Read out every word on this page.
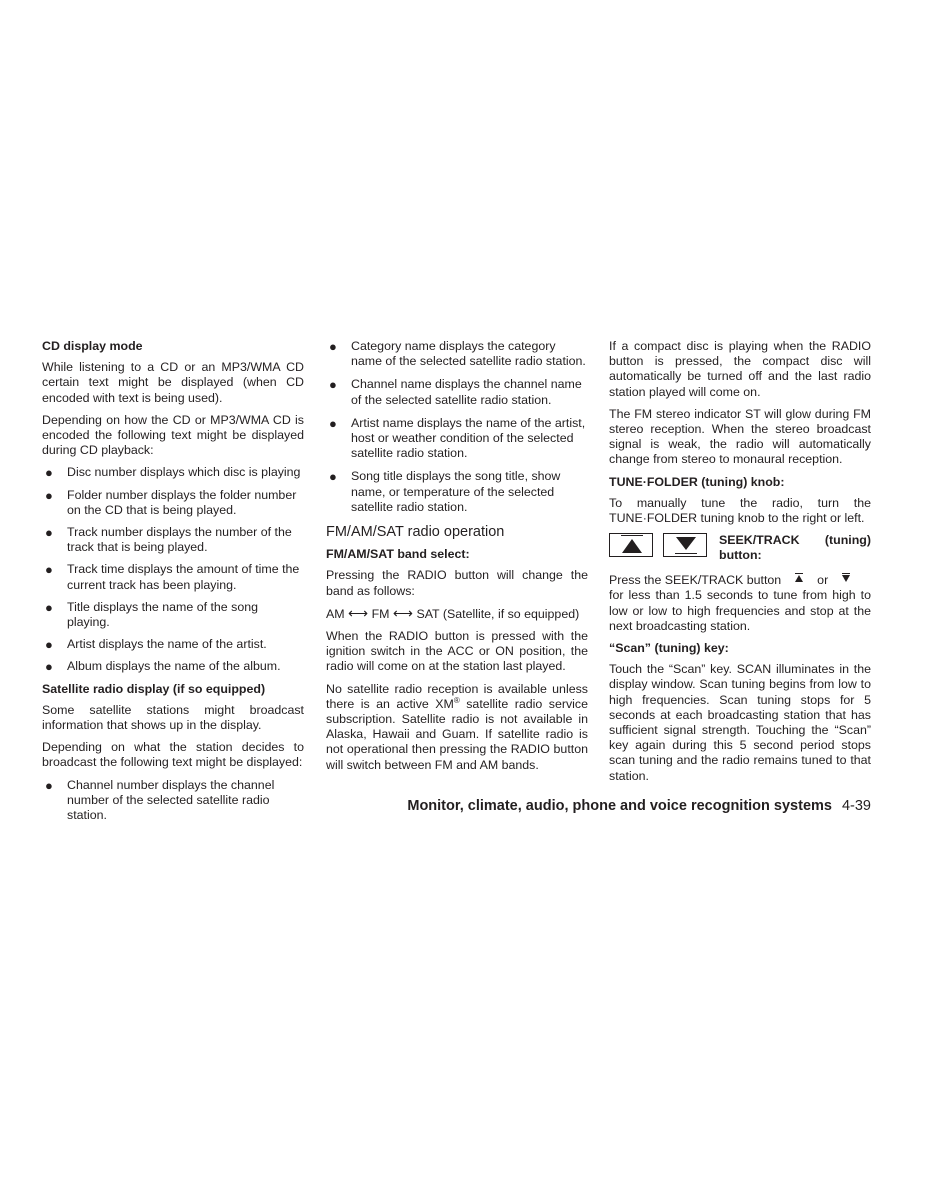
CD display mode

While listening to a CD or an MP3/WMA CD certain text might be displayed (when CD encoded with text is being used).

Depending on how the CD or MP3/WMA CD is encoded the following text might be displayed during CD playback:

● Disc number displays which disc is playing
● Folder number displays the folder number on the CD that is being played.
● Track number displays the number of the track that is being played.
● Track time displays the amount of time the current track has been playing.
● Title displays the name of the song playing.
● Artist displays the name of the artist.
● Album displays the name of the album.
Satellite radio display (if so equipped)

Some satellite stations might broadcast information that shows up in the display.

Depending on what the station decides to broadcast the following text might be displayed:

● Channel number displays the channel number of the selected satellite radio station.
● Category name displays the category name of the selected satellite radio station.
● Channel name displays the channel name of the selected satellite radio station.
● Artist name displays the name of the artist, host or weather condition of the selected satellite radio station.
● Song title displays the song title, show name, or temperature of the selected satellite radio station.
FM/AM/SAT radio operation
FM/AM/SAT band select:

Pressing the RADIO button will change the band as follows:

AM ⟷ FM ⟷ SAT (Satellite, if so equipped)

When the RADIO button is pressed with the ignition switch in the ACC or ON position, the radio will come on at the station last played.

No satellite radio reception is available unless there is an active XM® satellite radio service subscription. Satellite radio is not available in Alaska, Hawaii and Guam. If satellite radio is not operational then pressing the RADIO button will switch between FM and AM bands.

If a compact disc is playing when the RADIO button is pressed, the compact disc will automatically be turned off and the last radio station played will come on.

The FM stereo indicator ST will glow during FM stereo reception. When the stereo broadcast signal is weak, the radio will automatically change from stereo to monaural reception.

TUNE·FOLDER (tuning) knob:

To manually tune the radio, turn the TUNE·FOLDER tuning knob to the right or left.

SEEK/TRACK (tuning)
button:

Press the SEEK/TRACK button	or
for less than 1.5 seconds to tune from high to low or low to high frequencies and stop at the next broadcasting station.

“Scan” (tuning) key:

Touch the “Scan” key. SCAN illuminates in the display window. Scan tuning begins from low to high frequencies. Scan tuning stops for 5 seconds at each broadcasting station that has sufficient signal strength. Touching the “Scan” key again during this 5 second period stops scan tuning and the radio remains tuned to that station.

Monitor, climate, audio, phone and voice recognition systems 4-39
